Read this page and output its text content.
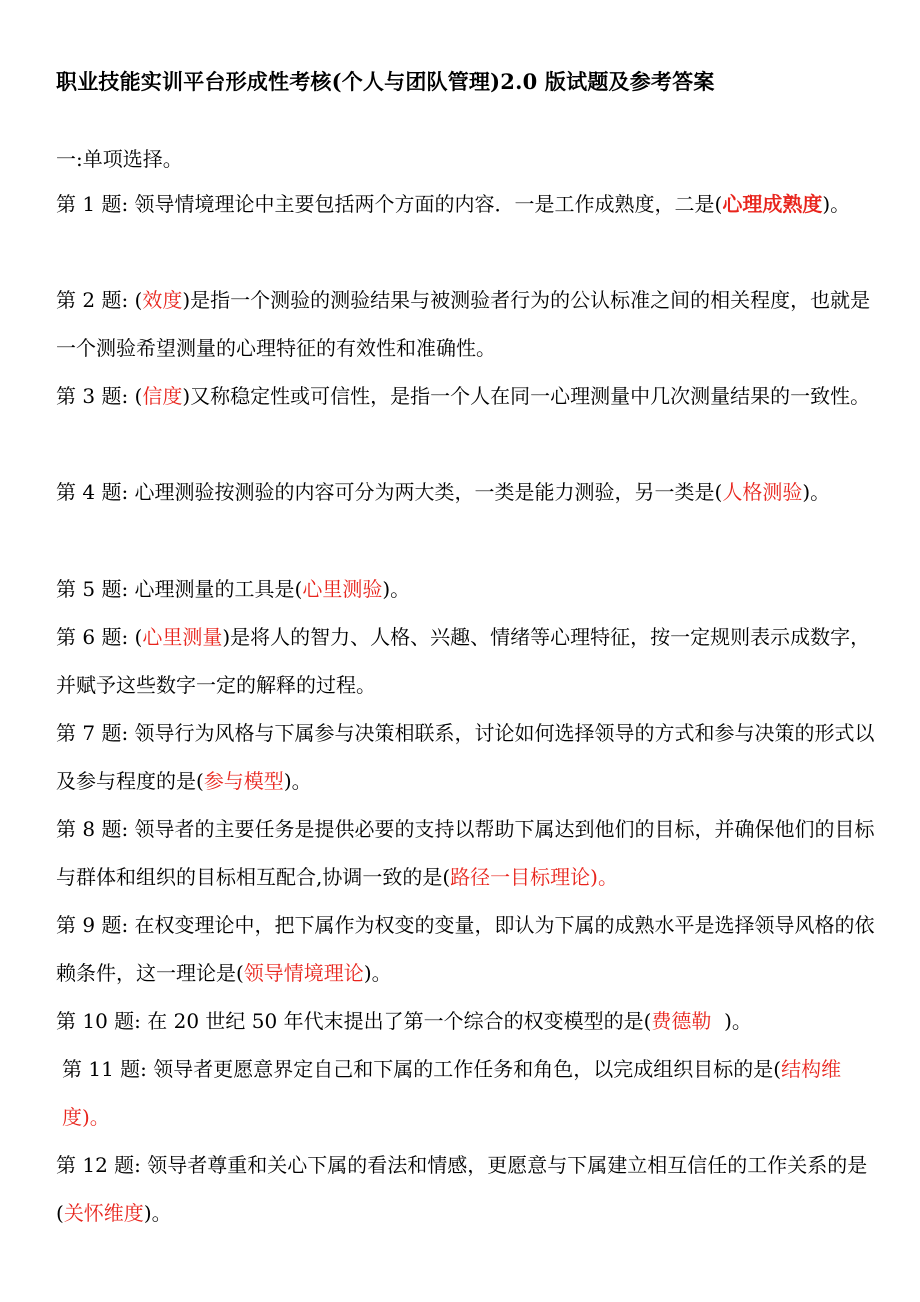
职业技能实训平台形成性考核(个人与团队管理)2.0 版试题及参考答案
一:单项选择。
第 1 题: 领导情境理论中主要包括两个方面的内容．一是工作成熟度，二是(心理成熟度)。
第 2 题: (效度)是指一个测验的测验结果与被测验者行为的公认标准之间的相关程度，也就是一个测验希望测量的心理特征的有效性和准确性。
第 3 题: (信度)又称稳定性或可信性，是指一个人在同一心理测量中几次测量结果的一致性。
第 4 题: 心理测验按测验的内容可分为两大类，一类是能力测验，另一类是(人格测验)。
第 5 题: 心理测量的工具是(心里测验)。
第 6 题: (心里测量)是将人的智力、人格、兴趣、情绪等心理特征，按一定规则表示成数字，并赋予这些数字一定的解释的过程。
第 7 题: 领导行为风格与下属参与决策相联系，讨论如何选择领导的方式和参与决策的形式以及参与程度的是(参与模型)。
第 8 题: 领导者的主要任务是提供必要的支持以帮助下属达到他们的目标，并确保他们的目标与群体和组织的目标相互配合,协调一致的是(路径一目标理论)。
第 9 题: 在权变理论中，把下属作为权变的变量，即认为下属的成熟水平是选择领导风格的依赖条件，这一理论是(领导情境理论)。
第 10 题: 在 20 世纪 50 年代末提出了第一个综合的权变模型的是(费德勒  )。
第 11 题: 领导者更愿意界定自己和下属的工作任务和角色，以完成组织目标的是(结构维度)。
第 12 题: 领导者尊重和关心下属的看法和情感，更愿意与下属建立相互信任的工作关系的是(关怀维度)。
